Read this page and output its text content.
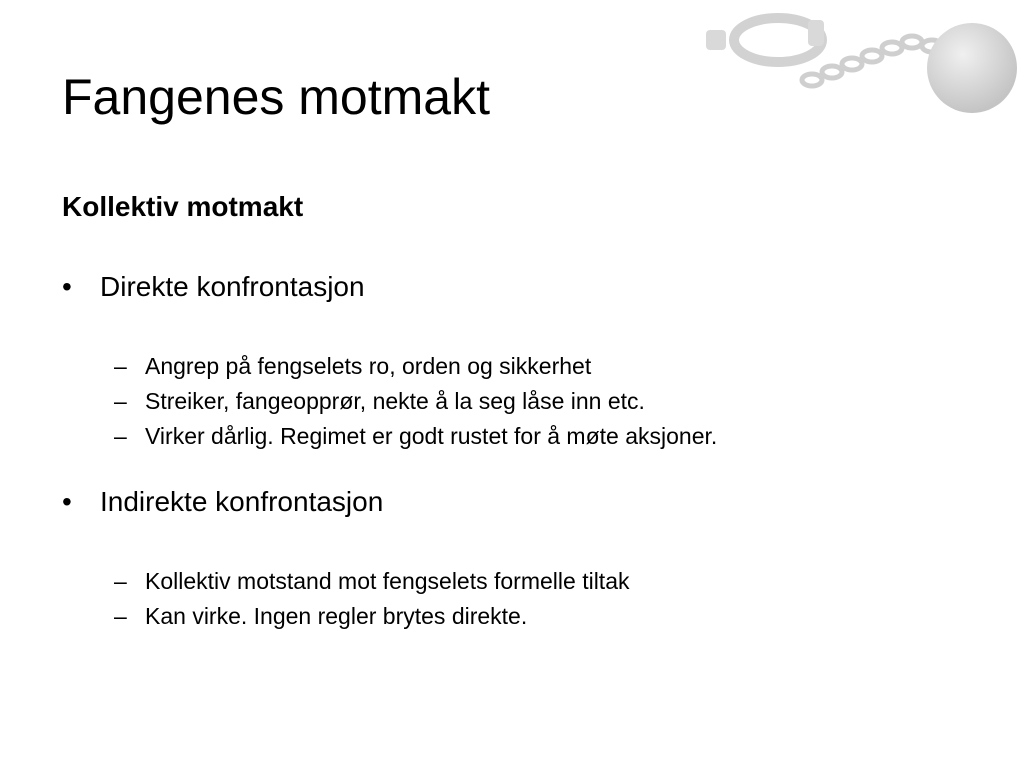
Fangenes motmakt
Kollektiv motmakt
• Direkte konfrontasjon
– Angrep på fengselets ro, orden og sikkerhet
– Streiker, fangeopprør, nekte å la seg låse inn etc.
– Virker dårlig. Regimet er godt rustet for å møte aksjoner.
• Indirekte konfrontasjon
– Kollektiv motstand mot fengselets formelle tiltak
– Kan virke. Ingen regler brytes direkte.
